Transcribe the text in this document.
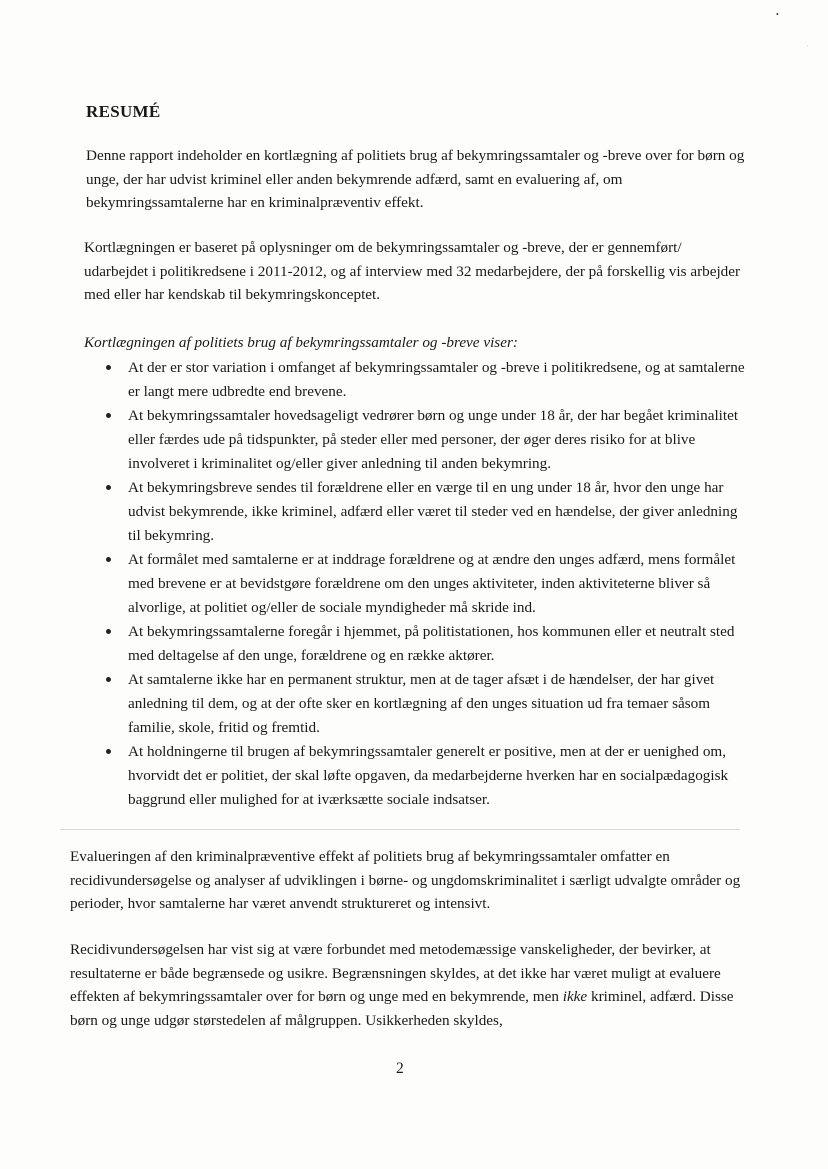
•
·
RESUMÉ

Denne rapport indeholder en kortlægning af politiets brug af bekymringssamtaler og -breve over for børn og unge, der har udvist kriminel eller anden bekymrende adfærd, samt en evaluering af, om bekymringssamtalerne har en kriminalpræventiv effekt.

Kortlægningen er baseret på oplysninger om de bekymringssamtaler og -breve, der er gennemført/ udarbejdet i politikredsene i 2011-2012, og af interview med 32 medarbejdere, der på forskellig vis arbejder med eller har kendskab til bekymringskonceptet.

Kortlægningen af politiets brug af bekymringssamtaler og -breve viser:

At der er stor variation i omfanget af bekymringssamtaler og -breve i politikredsene, og at samtalerne er langt mere udbredte end brevene.
At bekymringssamtaler hovedsageligt vedrører børn og unge under 18 år, der har begået kriminalitet eller færdes ude på tidspunkter, på steder eller med personer, der øger deres risiko for at blive involveret i kriminalitet og/eller giver anledning til anden bekymring.
At bekymringsbreve sendes til forældrene eller en værge til en ung under 18 år, hvor den unge har udvist bekymrende, ikke kriminel, adfærd eller været til steder ved en hændelse, der giver anledning til bekymring.
At formålet med samtalerne er at inddrage forældrene og at ændre den unges adfærd, mens formålet med brevene er at bevidstgøre forældrene om den unges aktiviteter, inden aktiviteterne bliver så alvorlige, at politiet og/eller de sociale myndigheder må skride ind.
At bekymringssamtalerne foregår i hjemmet, på politistationen, hos kommunen eller et neutralt sted med deltagelse af den unge, forældrene og en række aktører.
At samtalerne ikke har en permanent struktur, men at de tager afsæt i de hændelser, der har givet anledning til dem, og at der ofte sker en kortlægning af den unges situation ud fra temaer såsom familie, skole, fritid og fremtid.
At holdningerne til brugen af bekymringssamtaler generelt er positive, men at der er uenighed om, hvorvidt det er politiet, der skal løfte opgaven, da medarbejderne hverken har en socialpædagogisk baggrund eller mulighed for at iværksætte sociale indsatser.

Evalueringen af den kriminalpræventive effekt af politiets brug af bekymringssamtaler omfatter en recidivundersøgelse og analyser af udviklingen i børne- og ungdomskriminalitet i særligt udvalgte områder og perioder, hvor samtalerne har været anvendt struktureret og intensivt.

Recidivundersøgelsen har vist sig at være forbundet med metodemæssige vanskeligheder, der bevirker, at resultaterne er både begrænsede og usikre. Begrænsningen skyldes, at det ikke har været muligt at evaluere effekten af bekymringssamtaler over for børn og unge med en bekymrende, men ikke kriminel, adfærd. Disse børn og unge udgør størstedelen af målgruppen. Usikkerheden skyldes,

2
